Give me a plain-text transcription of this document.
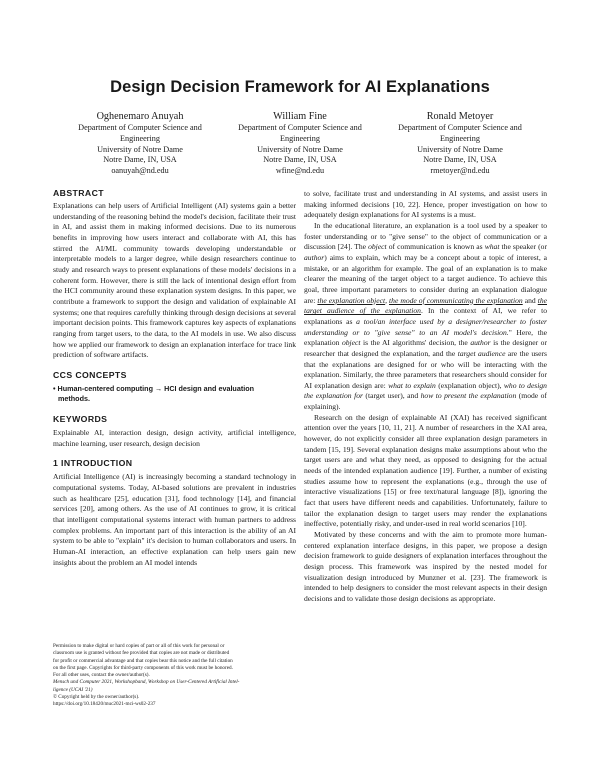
Design Decision Framework for AI Explanations
Oghenemaro Anuyah
Department of Computer Science and
Engineering
University of Notre Dame
Notre Dame, IN, USA
oanuyah@nd.edu
William Fine
Department of Computer Science and
Engineering
University of Notre Dame
Notre Dame, IN, USA
wfine@nd.edu
Ronald Metoyer
Department of Computer Science and
Engineering
University of Notre Dame
Notre Dame, IN, USA
rmetoyer@nd.edu
ABSTRACT

Explanations can help users of Artificial Intelligent (AI) systems gain a better understanding of the reasoning behind the model's decision, facilitate their trust in AI, and assist them in making informed decisions. Due to its numerous benefits in improving how users interact and collaborate with AI, this has stirred the AI/ML community towards developing understandable or interpretable models to a larger degree, while design researchers continue to study and research ways to present explanations of these models' decisions in a coherent form. However, there is still the lack of intentional design effort from the HCI community around these explanation system designs. In this paper, we contribute a framework to support the design and validation of explainable AI systems; one that requires carefully thinking through design decisions at several important decision points. This framework captures key aspects of explanations ranging from target users, to the data, to the AI models in use. We also discuss how we applied our framework to design an explanation interface for trace link prediction of software artifacts.

CCS CONCEPTS
• Human-centered computing → HCI design and evaluation
methods.
KEYWORDS

Explainable AI, interaction design, design activity, artificial intelligence, machine learning, user research, design decision

1 INTRODUCTION

Artificial Intelligence (AI) is increasingly becoming a standard technology in computational systems. Today, AI-based solutions are prevalent in industries such as healthcare [25], education [31], food technology [14], and financial services [20], among others. As the use of AI continues to grow, it is critical that intelligent computational systems interact with human partners to address complex problems. An important part of this interaction is the ability of an AI system to be able to "explain" it's decision to human collaborators and users. In Human-AI interaction, an effective explanation can help users gain new insights about the problem an AI model intends

Permission to make digital or hard copies of part or all of this work for personal or
classroom use is granted without fee provided that copies are not made or distributed
for profit or commercial advantage and that copies bear this notice and the full citation
on the first page. Copyrights for third-party components of this work must be honored.
For all other uses, contact the owner/author(s).
Mensch und Computer 2021, Workshopband, Workshop on User-Centered Artificial Intel-
ligence (UCAI '21)
© Copyright held by the owner/author(s).
https://doi.org/10.18420/muc2021-mci-ws02-237

to solve, facilitate trust and understanding in AI systems, and assist users in making informed decisions [10, 22]. Hence, proper investigation on how to adequately design explanations for AI systems is a must.

In the educational literature, an explanation is a tool used by a speaker to foster understanding or to "give sense" to the object of communication or a discussion [24]. The object of communication is known as what the speaker (or author) aims to explain, which may be a concept about a topic of interest, a mistake, or an algorithm for example. The goal of an explanation is to make clearer the meaning of the target object to a target audience. To achieve this goal, three important parameters to consider during an explanation dialogue are: the explanation object, the mode of communicating the explanation and the target audience of the explanation. In the context of AI, we refer to explanations as a tool/an interface used by a designer/researcher to foster understanding or to "give sense" to an AI model's decision." Here, the explanation object is the AI algorithms' decision, the author is the designer or researcher that designed the explanation, and the target audience are the users that the explanations are designed for or who will be interacting with the explanation. Similarly, the three parameters that researchers should consider for AI explanation design are: what to explain (explanation object), who to design the explanation for (target user), and how to present the explanation (mode of explaining).

Research on the design of explainable AI (XAI) has received significant attention over the years [10, 11, 21]. A number of researchers in the XAI area, however, do not explicitly consider all three explanation design parameters in tandem [15, 19]. Several explanation designs make assumptions about who the target users are and what they need, as opposed to designing for the actual needs of the intended explanation audience [19]. Further, a number of existing studies assume how to represent the explanations (e.g., through the use of interactive visualizations [15] or free text/natural language [8]), ignoring the fact that users have different needs and capabilities. Unfortunately, failure to tailor the explanation design to target users may render the explanations ineffective, potentially risky, and under-used in real world scenarios [10].

Motivated by these concerns and with the aim to promote more human-centered explanation interface designs, in this paper, we propose a design decision framework to guide designers of explanation interfaces throughout the design process. This framework was inspired by the nested model for visualization design introduced by Munzner et al. [23]. The framework is intended to help designers to consider the most relevant aspects in their design decisions and to validate those design decisions as appropriate.
